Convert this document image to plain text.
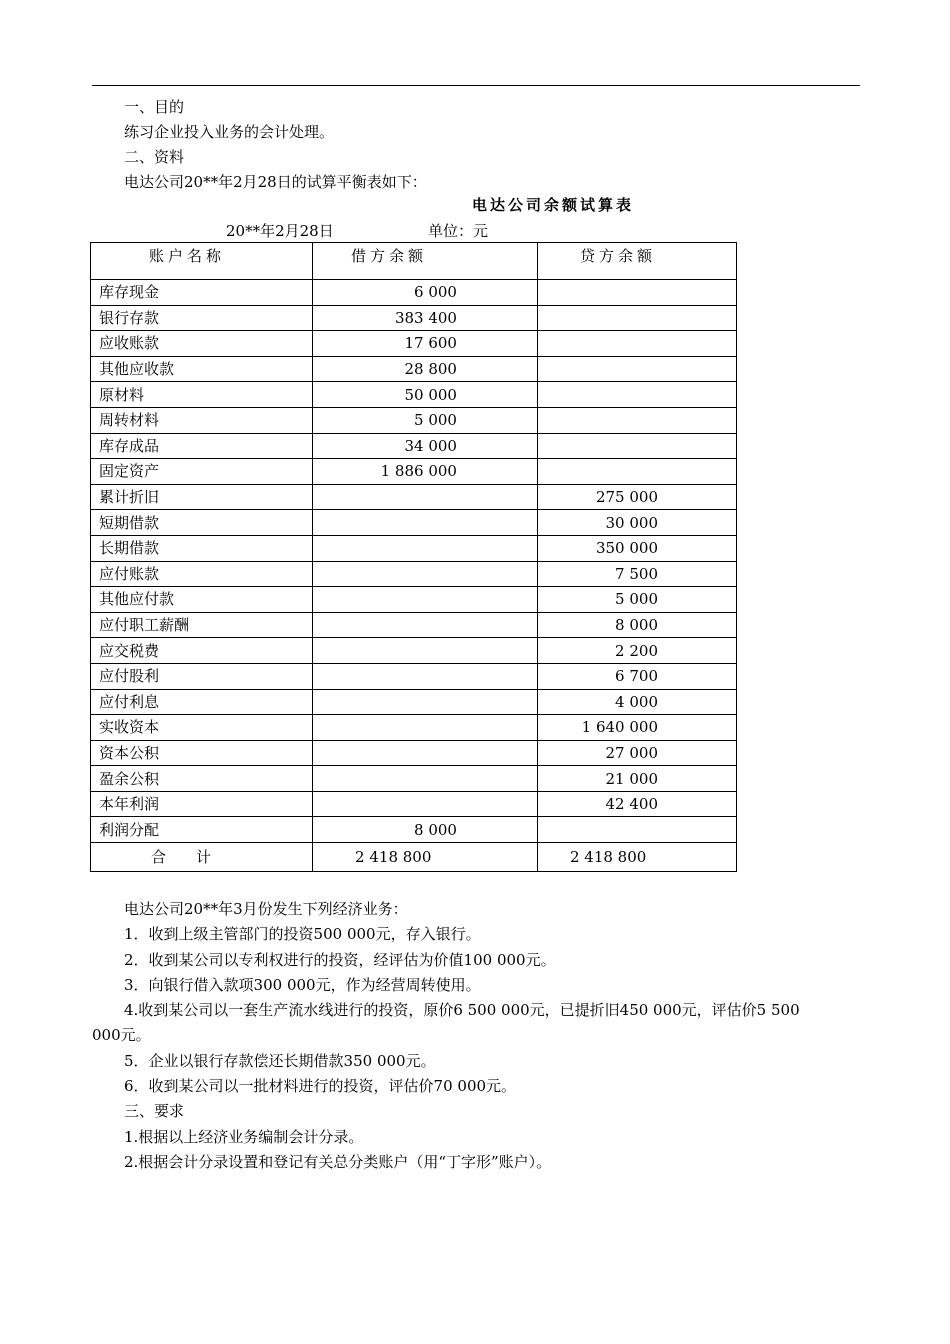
一、目的
练习企业投入业务的会计处理。
二、资料
电达公司20**年2月28日的试算平衡表如下：
电达公司余额试算表
20**年2月28日	单位：元
账户名称	借方余额	贷方余额
库存现金	6 000	
银行存款	383 400	
应收账款	17 600	
其他应收款	28 800	
原材料	50 000	
周转材料	5 000	
库存成品	34 000	
固定资产	1 886 000	
累计折旧		275 000
短期借款		30 000
长期借款		350 000
应付账款		7 500
其他应付款		5 000
应付职工薪酬		8 000
应交税费		2 200
应付股利		6 700
应付利息		4 000
实收资本		1 640 000
资本公积		27 000
盈余公积		21 000
本年利润		42 400
利润分配	8 000	
合　　计	2 418 800	2 418 800

电达公司20**年3月份发生下列经济业务：

1．收到上级主管部门的投资500 000元，存入银行。

2．收到某公司以专利权进行的投资，经评估为价值100 000元。

3．向银行借入款项300 000元，作为经营周转使用。

4.收到某公司以一套生产流水线进行的投资，原价6 500 000元，已提折旧450 000元，评估价5 500

000元。

5．企业以银行存款偿还长期借款350 000元。

6．收到某公司以一批材料进行的投资，评估价70 000元。

三、要求

1.根据以上经济业务编制会计分录。

2.根据会计分录设置和登记有关总分类账户（用“丁字形”账户）。
